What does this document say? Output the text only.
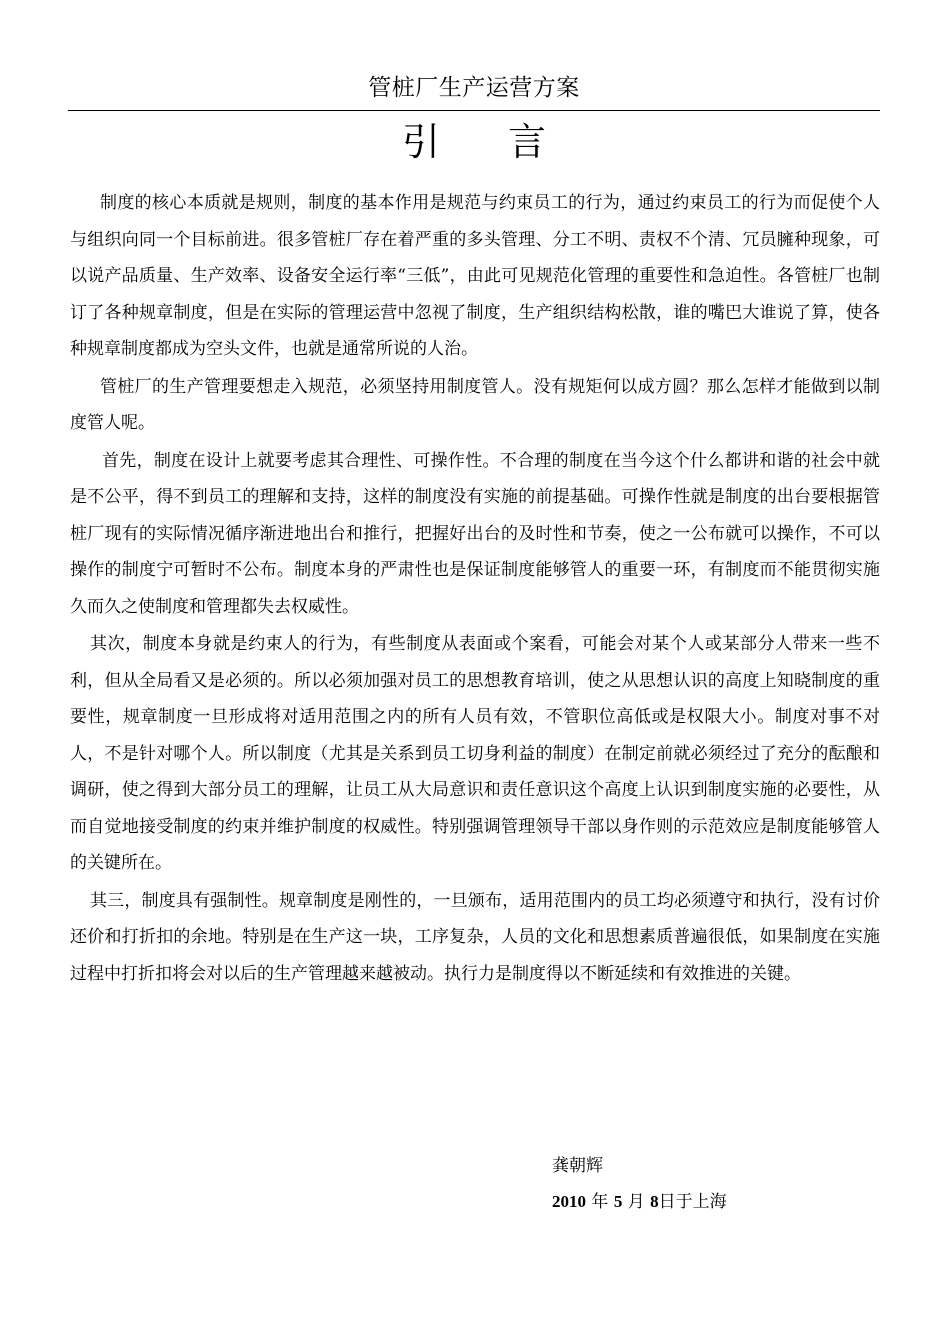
管桩厂生产运营方案
引 言

制度的核心本质就是规则，制度的基本作用是规范与约束员工的行为，通过约束员工的行为而促使个人与组织向同一个目标前进。很多管桩厂存在着严重的多头管理、分工不明、责权不个清、冗员臃种现象，可以说产品质量、生产效率、设备安全运行率“三低”，由此可见规范化管理的重要性和急迫性。各管桩厂也制订了各种规章制度，但是在实际的管理运营中忽视了制度，生产组织结构松散，谁的嘴巴大谁说了算，使各种规章制度都成为空头文件，也就是通常所说的人治。

管桩厂的生产管理要想走入规范，必须坚持用制度管人。没有规矩何以成方圆？那么怎样才能做到以制度管人呢。

首先，制度在设计上就要考虑其合理性、可操作性。不合理的制度在当今这个什么都讲和谐的社会中就是不公平，得不到员工的理解和支持，这样的制度没有实施的前提基础。可操作性就是制度的出台要根据管桩厂现有的实际情况循序渐进地出台和推行，把握好出台的及时性和节奏，使之一公布就可以操作，不可以操作的制度宁可暂时不公布。制度本身的严肃性也是保证制度能够管人的重要一环，有制度而不能贯彻实施久而久之使制度和管理都失去权威性。

其次，制度本身就是约束人的行为，有些制度从表面或个案看，可能会对某个人或某部分人带来一些不利，但从全局看又是必须的。所以必须加强对员工的思想教育培训，使之从思想认识的高度上知晓制度的重要性，规章制度一旦形成将对适用范围之内的所有人员有效，不管职位高低或是权限大小。制度对事不对人，不是针对哪个人。所以制度（尤其是关系到员工切身利益的制度）在制定前就必须经过了充分的酝酿和调研，使之得到大部分员工的理解，让员工从大局意识和责任意识这个高度上认识到制度实施的必要性，从而自觉地接受制度的约束并维护制度的权威性。特别强调管理领导干部以身作则的示范效应是制度能够管人的关键所在。

其三，制度具有强制性。规章制度是刚性的，一旦颁布，适用范围内的员工均必须遵守和执行，没有讨价还价和打折扣的余地。特别是在生产这一块，工序复杂，人员的文化和思想素质普遍很低，如果制度在实施过程中打折扣将会对以后的生产管理越来越被动。执行力是制度得以不断延续和有效推进的关键。

龚朝辉
2010 年 5 月 8日于上海
